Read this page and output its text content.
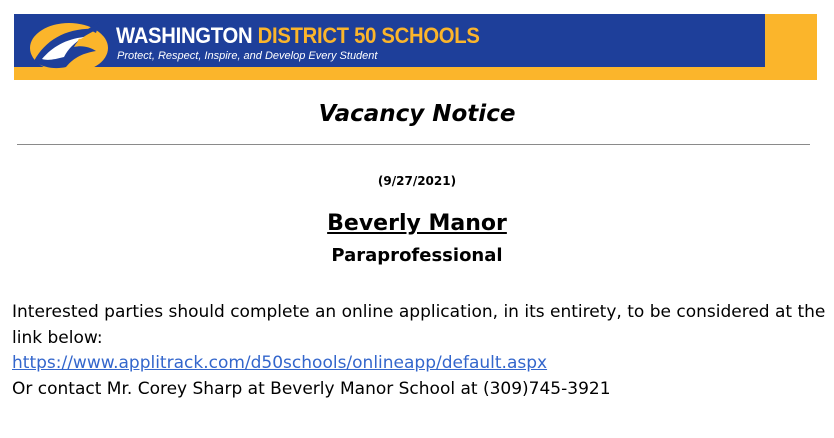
WASHINGTON DISTRICT 50 SCHOOLS
Protect, Respect, Inspire, and Develop Every Student
Vacancy Notice
(9/27/2021)
Beverly Manor
Paraprofessional
Interested parties should complete an online application, in its entirety, to be considered at the link below:
https://www.applitrack.com/d50schools/onlineapp/default.aspx
Or contact Mr. Corey Sharp at Beverly Manor School at (309)745-3921
